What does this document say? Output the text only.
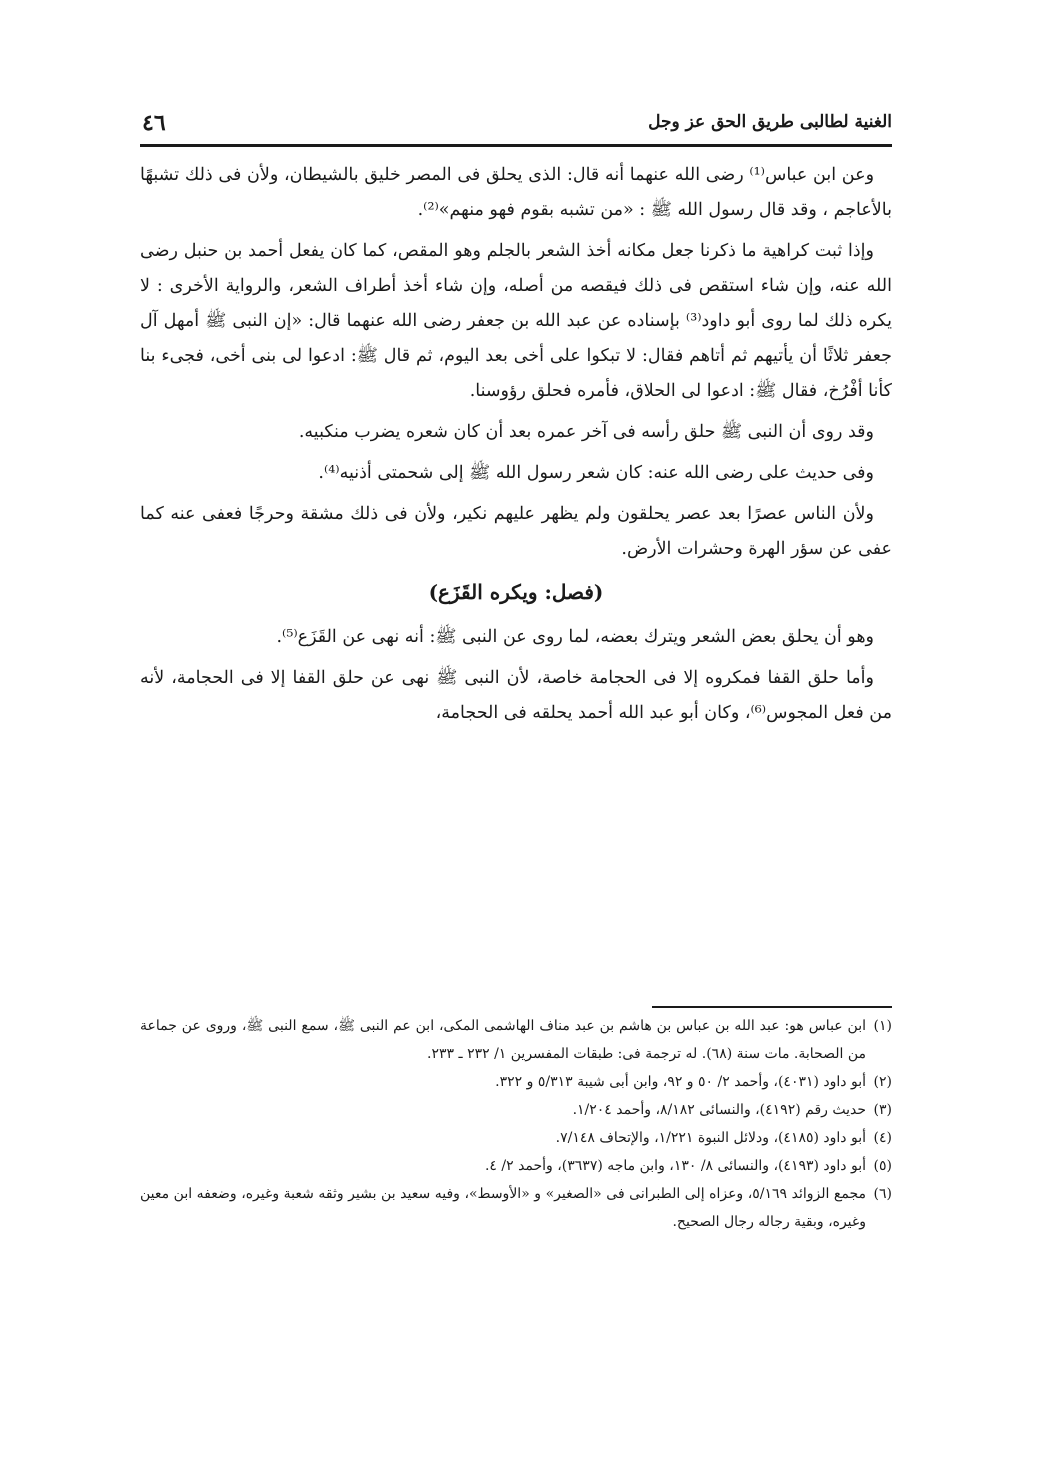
الغنية لطالبى طريق الحق عز وجل
٤٦

وعن ابن عباس⁽¹⁾ رضى الله عنهما أنه قال: الذى يحلق فى المصر خليق بالشيطان، ولأن فى ذلك تشبهًا بالأعاجم ، وقد قال رسول الله ﷺ : «من تشبه بقوم فهو منهم»⁽²⁾.

وإذا ثبت كراهية ما ذكرنا جعل مكانه أخذ الشعر بالجلم وهو المقص، كما كان يفعل أحمد بن حنبل رضى الله عنه، وإن شاء استقص فى ذلك فيقصه من أصله، وإن شاء أخذ أطراف الشعر، والرواية الأخرى : لا يكره ذلك لما روى أبو داود⁽³⁾ بإسناده عن عبد الله بن جعفر رضى الله عنهما قال: «إن النبى ﷺ أمهل آل جعفر ثلاثًا أن يأتيهم ثم أتاهم فقال: لا تبكوا على أخى بعد اليوم، ثم قال ﷺ: ادعوا لى بنى أخى، فجىء بنا كأنا أفْرُخ، فقال ﷺ: ادعوا لى الحلاق، فأمره فحلق رؤوسنا.

وقد روى أن النبى ﷺ حلق رأسه فى آخر عمره بعد أن كان شعره يضرب منكبيه.

وفى حديث على رضى الله عنه: كان شعر رسول الله ﷺ إلى شحمتى أذنيه⁽⁴⁾.

ولأن الناس عصرًا بعد عصر يحلقون ولم يظهر عليهم نكير، ولأن فى ذلك مشقة وحرجًا فعفى عنه كما عفى عن سؤر الهرة وحشرات الأرض.

(فصل: ويكره القَزَع)

وهو أن يحلق بعض الشعر ويترك بعضه، لما روى عن النبى ﷺ: أنه نهى عن القَزَع⁽⁵⁾.

وأما حلق القفا فمكروه إلا فى الحجامة خاصة، لأن النبى ﷺ نهى عن حلق القفا إلا فى الحجامة، لأنه من فعل المجوس⁽⁶⁾، وكان أبو عبد الله أحمد يحلقه فى الحجامة،

(١)ابن عباس هو: عبد الله بن عباس بن هاشم بن عبد مناف الهاشمى المكى، ابن عم النبى ﷺ، سمع النبى ﷺ، وروى عن جماعة من الصحابة. مات سنة (٦٨). له ترجمة فى: طبقات المفسرين ١/ ٢٣٢ ـ ٢٣٣.

(٢)أبو داود (٤٠٣١)، وأحمد ٢/ ٥٠ و ٩٢، وابن أبى شيبة ٥/٣١٣ و ٣٢٢.

(٣)حديث رقم (٤١٩٢)، والنسائى ٨/١٨٢، وأحمد ١/٢٠٤.

(٤)أبو داود (٤١٨٥)، ودلائل النبوة ١/٢٢١، والإتحاف ٧/١٤٨.

(٥)أبو داود (٤١٩٣)، والنسائى ٨/ ١٣٠، وابن ماجه (٣٦٣٧)، وأحمد ٢/ ٤.

(٦)مجمع الزوائد ٥/١٦٩، وعزاه إلى الطبرانى فى «الصغير» و «الأوسط»، وفيه سعيد بن بشير وثقه شعبة وغيره، وضعفه ابن معين وغيره، وبقية رجاله رجال الصحيح.
